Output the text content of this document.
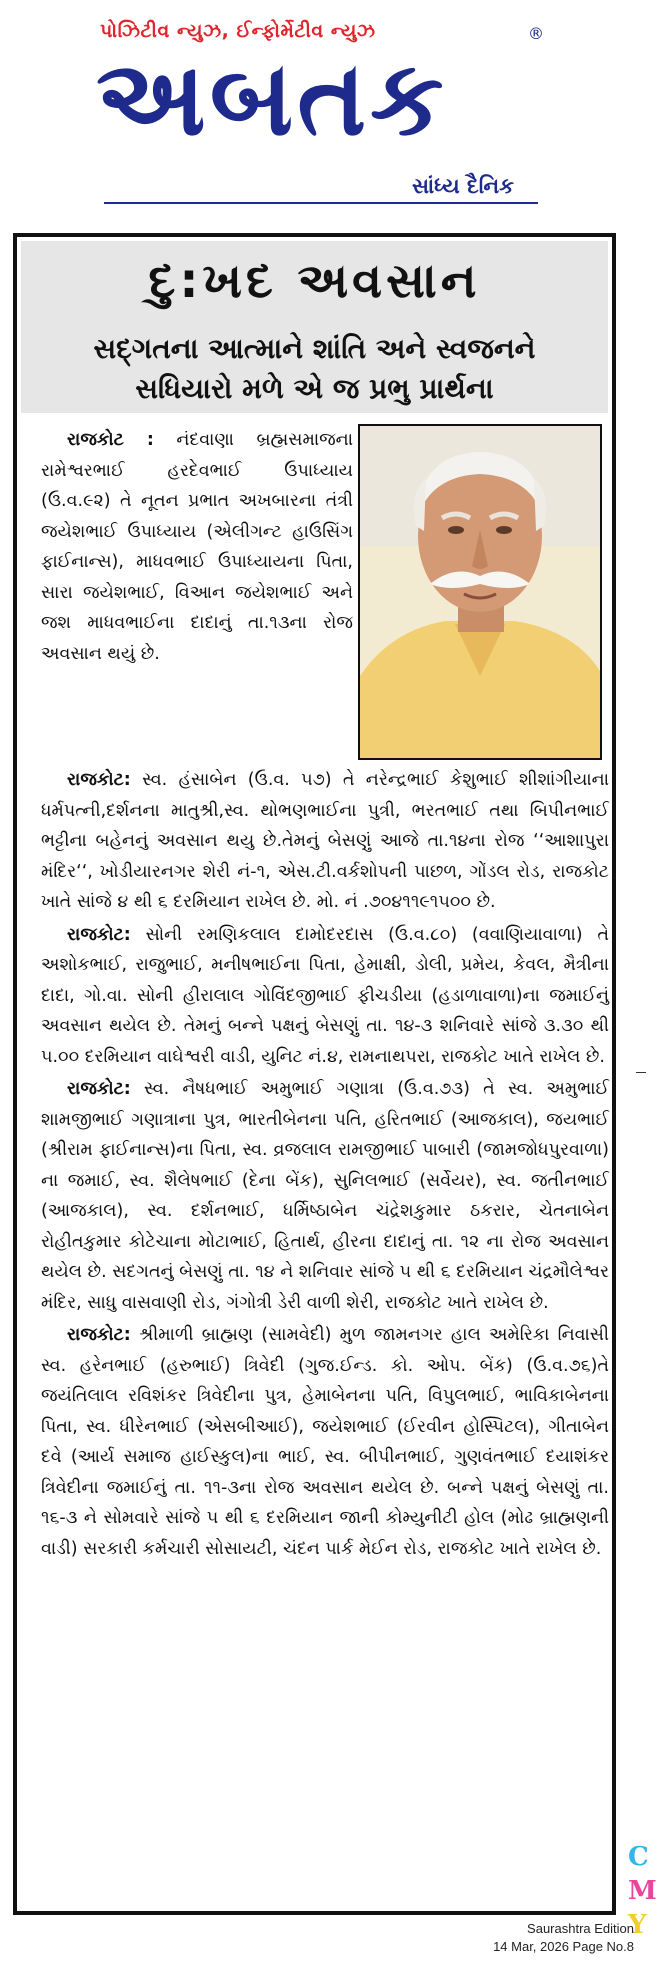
પોઝિટીવ ન્યુઝ, ઈન્ફોર્મેટીવ ન્યુઝ
અબતક
®
સાંધ્ય દૈનિક
દુ:ખદ અવસાન
સદ્ગતના આત્માને શાંતિ અને સ્વજનને
સધિયારો મળે એ જ પ્રભુ પ્રાર્થના

રાજકોટ : નંદવાણા બ્રહ્મસમાજના રામેશ્વરભાઈ હરદેવભાઈ ઉપાધ્યાય (ઉ.વ.૯૨) તે નૂતન પ્રભાત અખબારના તંત્રી જયેશભાઈ ઉપાધ્યાય (એલીગન્ટ હાઉસિંગ ફાઈનાન્સ), માધવભાઈ ઉપાધ્યાયના પિતા, સારા જયેશભાઈ, વિઆન જયેશભાઈ અને જશ માધવભાઈના દાદાનું તા.૧૩ના રોજ અવસાન થયું છે.

રાજકોટ: સ્વ. હંસાબેન (ઉ.વ. ૫૭) તે નરેન્દ્રભાઈ કેશુભાઈ શીશાંગીયાના ધર્મપત્ની,દર્શનના માતુશ્રી,સ્વ. થોભણભાઈના પુત્રી, ભરતભાઈ તથા બિપીનભાઈ ભટ્ટીના બહેનનું અવસાન થયુ છે.તેમનું બેસણું આજે તા.૧૪ના રોજ ‘‘આશાપુરા મંદિર‘‘, ખોડીયારનગર શેરી નં-૧, એસ.ટી.વર્કશોપની પાછળ, ગોંડલ રોડ, રાજકોટ ખાતે સાંજે ૪ થી ૬ દરમિયાન રાખેલ છે. મો. નં .૭૦૪૧૧૯૧૫૦૦ છે.

રાજકોટ: સોની રમણિકલાલ દામોદરદાસ (ઉ.વ.૮૦) (વવાણિયાવાળા) તે અશોકભાઈ, રાજુભાઈ, મનીષભાઈના પિતા, હેમાક્ષી, ડોલી, પ્રમેય, કેવલ, મૈત્રીના દાદા, ગો.વા. સોની હીરાલાલ ગોવિંદજીભાઈ ફીચડીયા (હડાળાવાળા)ના જમાઈનું અવસાન થયેલ છે. તેમનું બન્ને પક્ષનું બેસણું તા. ૧૪-૩ શનિવારે સાંજે ૩.૩૦ થી ૫.૦૦ દરમિયાન વાઘેશ્વરી વાડી, યુનિટ નં.૪, રામનાથપરા, રાજકોટ ખાતે રાખેલ છે.

રાજકોટ: સ્વ. નૈષધભાઈ અમુભાઈ ગણાત્રા (ઉ.વ.૭૩) તે સ્વ. અમુભાઈ શામજીભાઈ ગણાત્રાના પુત્ર, ભારતીબેનના પતિ, હરિતભાઈ (આજકાલ), જયભાઈ (શ્રીરામ ફાઈનાન્સ)ના પિતા, સ્વ. વ્રજલાલ રામજીભાઈ પાબારી (જામજોધપુરવાળા) ના જમાઈ, સ્વ. શૈલેષભાઈ (દેના બેંક), સુનિલભાઈ (સર્વેયર), સ્વ. જતીનભાઈ (આજકાલ), સ્વ. દર્શનભાઈ, ધર્મિષ્ઠાબેન ચંદ્રેશકુમાર ઠકરાર, ચેતનાબેન રોહીતકુમાર કોટેચાના મોટાભાઈ, હિતાર્થ, હીરના દાદાનું તા. ૧૨ ના રોજ અવસાન થયેલ છે. સદગતનું બેસણું તા. ૧૪ ને શનિવાર સાંજે ૫ થી ૬ દરમિયાન ચંદ્રમૌલેશ્વર મંદિર, સાધુ વાસવાણી રોડ, ગંગોત્રી ડેરી વાળી શેરી, રાજકોટ ખાતે રાખેલ છે.

રાજકોટ: શ્રીમાળી બ્રાહ્મણ (સામવેદી) મુળ જામનગર હાલ અમેરિકા નિવાસી સ્વ. હરેનભાઈ (હરુભાઈ) ત્રિવેદી (ગુજ.ઈન્ડ. કો. ઓપ. બેંક) (ઉ.વ.૭૬)તે જયંતિલાલ રવિશંકર ત્રિવેદીના પુત્ર, હેમાબેનના પતિ, વિપુલભાઈ, ભાવિકાબેનના પિતા, સ્વ. ધીરેનભાઈ (એસબીઆઈ), જયેશભાઈ (ઈરવીન હોસ્પિટલ), ગીતાબેન દવે (આર્ય સમાજ હાઈસ્કુલ)ના ભાઈ, સ્વ. બીપીનભાઈ, ગુણવંતભાઈ દયાશંકર ત્રિવેદીના જમાઈનું તા. ૧૧-૩ના રોજ અવસાન થયેલ છે. બન્ને પક્ષનું બેસણું તા. ૧૬-૩ ને સોમવારે સાંજે ૫ થી ૬ દરમિયાન જાની કોમ્યુનીટી હોલ (મોઢ બ્રાહ્મણની વાડી) સરકારી કર્મચારી સોસાયટી, ચંદન પાર્ક મેઈન રોડ, રાજકોટ ખાતે રાખેલ છે.

C
M
Y
Saurashtra Edition
14 Mar, 2026 Page No.8
